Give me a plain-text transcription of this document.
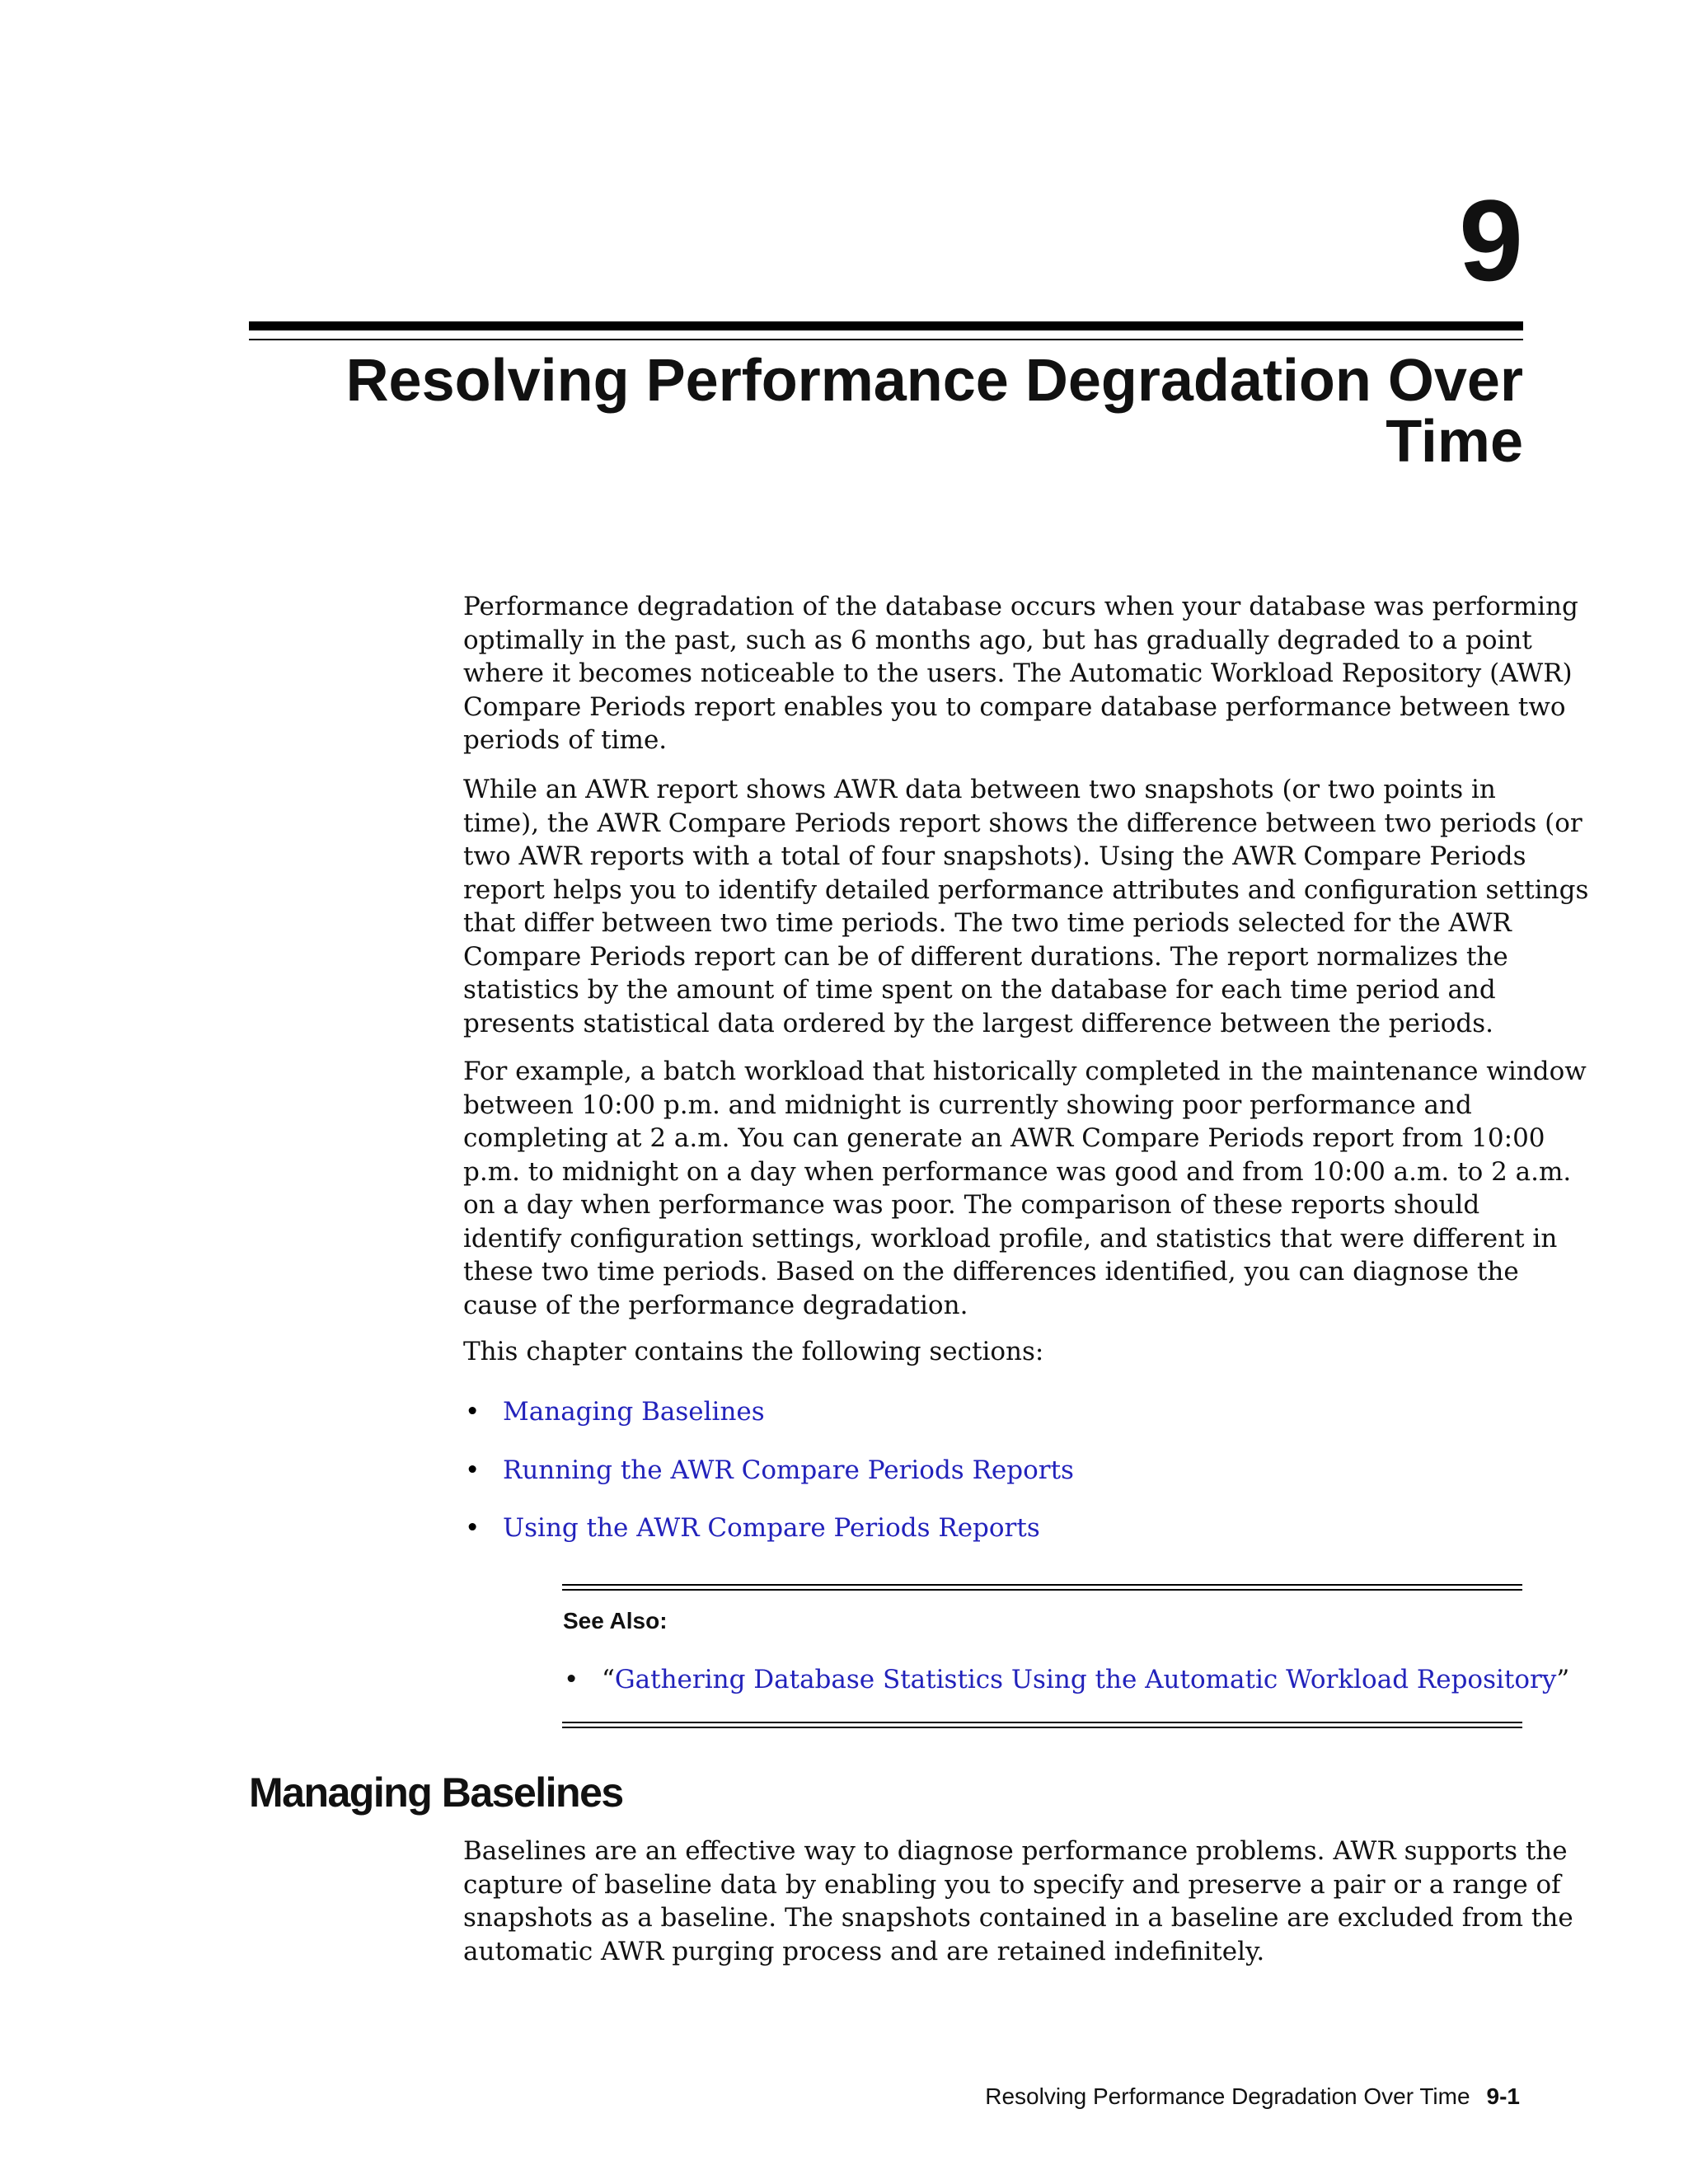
9
Resolving Performance Degradation Over
Time
Performance degradation of the database occurs when your database was performing
optimally in the past, such as 6 months ago, but has gradually degraded to a point
where it becomes noticeable to the users. The Automatic Workload Repository (AWR)
Compare Periods report enables you to compare database performance between two
periods of time.
While an AWR report shows AWR data between two snapshots (or two points in
time), the AWR Compare Periods report shows the difference between two periods (or
two AWR reports with a total of four snapshots). Using the AWR Compare Periods
report helps you to identify detailed performance attributes and configuration settings
that differ between two time periods. The two time periods selected for the AWR
Compare Periods report can be of different durations. The report normalizes the
statistics by the amount of time spent on the database for each time period and
presents statistical data ordered by the largest difference between the periods.
For example, a batch workload that historically completed in the maintenance window
between 10:00 p.m. and midnight is currently showing poor performance and
completing at 2 a.m. You can generate an AWR Compare Periods report from 10:00
p.m. to midnight on a day when performance was good and from 10:00 a.m. to 2 a.m.
on a day when performance was poor. The comparison of these reports should
identify configuration settings, workload profile, and statistics that were different in
these two time periods. Based on the differences identified, you can diagnose the
cause of the performance degradation.
This chapter contains the following sections:
• Managing Baselines
• Running the AWR Compare Periods Reports
• Using the AWR Compare Periods Reports
See Also:
• “Gathering Database Statistics Using the Automatic Workload Repository”
Managing Baselines
Baselines are an effective way to diagnose performance problems. AWR supports the
capture of baseline data by enabling you to specify and preserve a pair or a range of
snapshots as a baseline. The snapshots contained in a baseline are excluded from the
automatic AWR purging process and are retained indefinitely.
Resolving Performance Degradation Over Time 9-1
